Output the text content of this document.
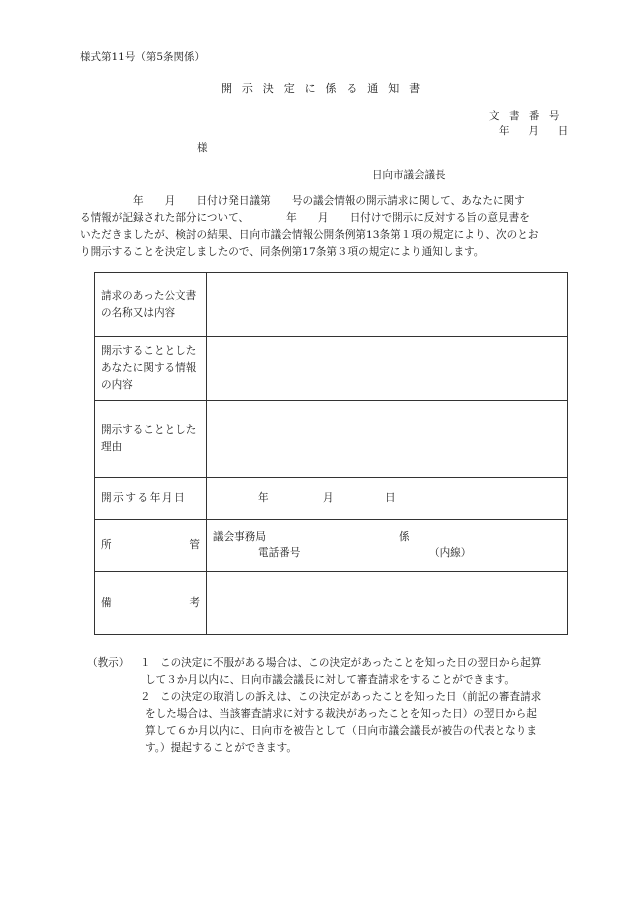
様式第11号（第5条関係）
開示決定に係る通知書
文書番号
年　月　日
様
日向市議会議長

　　　　　年　　月　　日付け発日議第　　号の議会情報の開示請求に関して、あなたに関す

る情報が記録された部分について、　　　　年　　月　　日付けで開示に反対する旨の意見書を

いただきましたが、検討の結果、日向市議会情報公開条例第13条第１項の規定により、次のとお

り開示することを決定しましたので、同条例第17条第３項の規定により通知します。

請求のあった公文書の名称又は内容	
開示することとしたあなたに関する情報の内容	
開示することとした理由	
開示する年月日	年 月 日

所 管	議会事務局 係
電話番号 （内線）

備 考	

（教示） １ この決定に不服がある場合は、この決定があったことを知った日の翌日から起算
して３か月以内に、日向市議会議長に対して審査請求をすることができます。
２ この決定の取消しの訴えは、この決定があったことを知った日（前記の審査請求
をした場合は、当該審査請求に対する裁決があったことを知った日）の翌日から起
算して６か月以内に、日向市を被告として（日向市議会議長が被告の代表となりま
す。）提起することができます。
